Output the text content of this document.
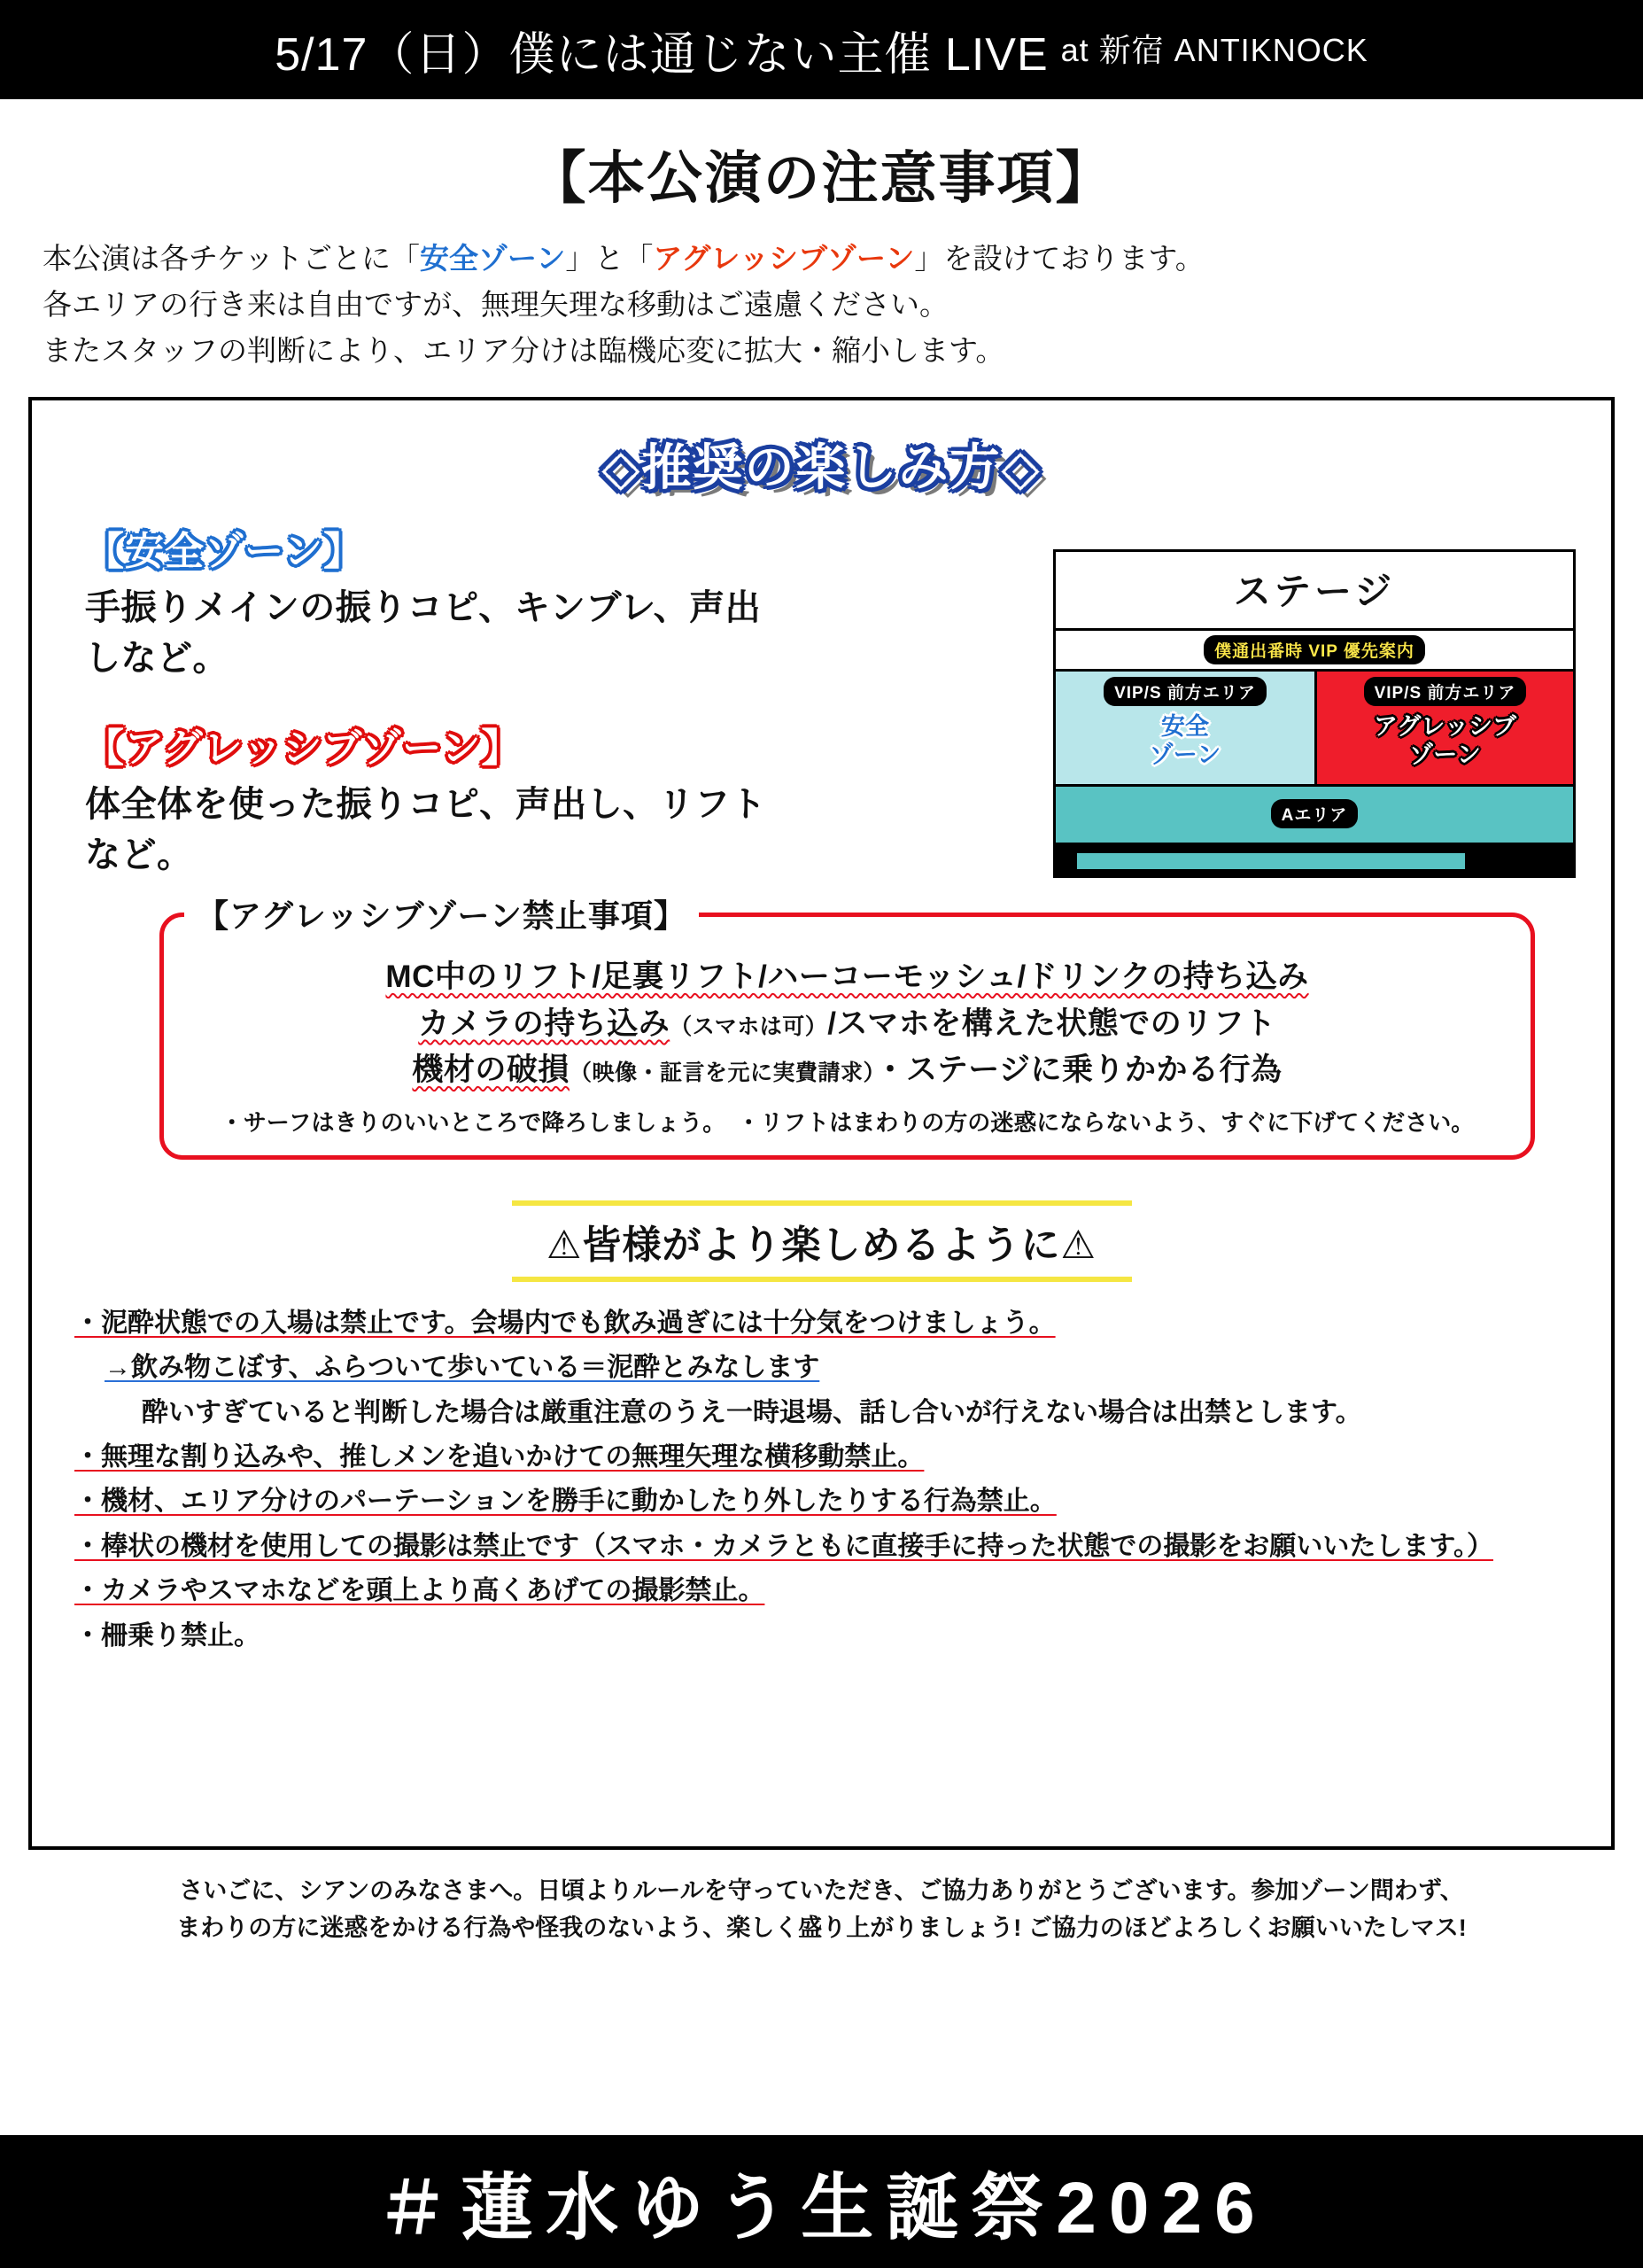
5/17（日）僕には通じない主催 LIVE at 新宿 ANTIKNOCK
【本公演の注意事項】
本公演は各チケットごとに「安全ゾーン」と「アグレッシブゾーン」を設けております。
各エリアの行き来は自由ですが、無理矢理な移動はご遠慮ください。
またスタッフの判断により、エリア分けは臨機応変に拡大・縮小します。
◇推奨の楽しみ方◇
ステージ
僕通出番時 VIP 優先案内
VIP/S 前方エリア
安全
ゾーン
VIP/S 前方エリア
アグレッシブ
ゾーン
Aエリア
【安全ゾーン】
手振りメインの振りコピ、キンブレ、声出しなど。
【アグレッシブゾーン】
体全体を使った振りコピ、声出し、リフトなど。
【アグレッシブゾーン禁止事項】
MC中のリフト/足裏リフト/ハーコーモッシュ/ドリンクの持ち込み
カメラの持ち込み（スマホは可）/スマホを構えた状態でのリフト
機材の破損（映像・証言を元に実費請求）・ステージに乗りかかる行為
・サーフはきりのいいところで降ろしましょう。　・リフトはまわりの方の迷惑にならないよう、すぐに下げてください。
⚠皆様がより楽しめるように⚠
・泥酔状態での入場は禁止です。会場内でも飲み過ぎには十分気をつけましょう。
→飲み物こぼす、ふらついて歩いている＝泥酔とみなします
酔いすぎていると判断した場合は厳重注意のうえ一時退場、話し合いが行えない場合は出禁とします。
・無理な割り込みや、推しメンを追いかけての無理矢理な横移動禁止。
・機材、エリア分けのパーテーションを勝手に動かしたり外したりする行為禁止。
・棒状の機材を使用しての撮影は禁止です（スマホ・カメラともに直接手に持った状態での撮影をお願いいたします。）
・カメラやスマホなどを頭上より高くあげての撮影禁止。
・柵乗り禁止。
さいごに、シアンのみなさまへ。日頃よりルールを守っていただき、ご協力ありがとうございます。参加ゾーン問わず、
まわりの方に迷惑をかける行為や怪我のないよう、楽しく盛り上がりましょう! ご協力のほどよろしくお願いいたしマス!
＃蓮水ゆう生誕祭2026
